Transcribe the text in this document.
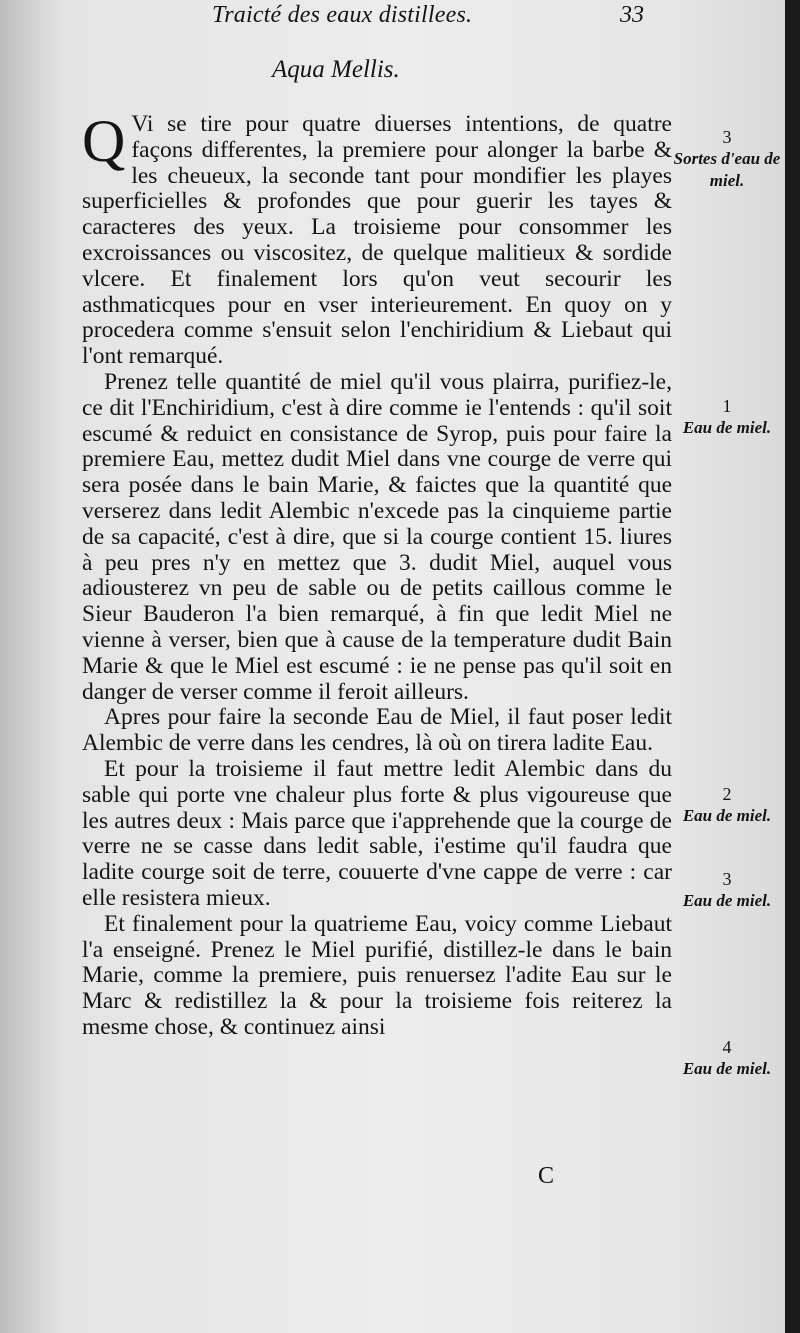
Traicté des eaux distillees.	33
Aqua Mellis.

Q Vi se tire pour quatre diuerses intentions, de quatre façons differentes, la premiere pour alonger la barbe & les cheueux, la seconde tant pour mondifier les playes superficielles & profondes que pour guerir les tayes & caracteres des yeux. La troisieme pour consommer les excroissances ou viscositez, de quelque malitieux & sordide vlcere. Et finalement lors qu'on veut secourir les asthmaticques pour en vser interieurement. En quoy on y procedera comme s'ensuit selon l'enchiridium & Liebaut qui l'ont remarqué.

Prenez telle quantité de miel qu'il vous plairra, purifiez-le, ce dit l'Enchiridium, c'est à dire comme ie l'entends : qu'il soit escumé & reduict en consistance de Syrop, puis pour faire la premiere Eau, mettez dudit Miel dans vne courge de verre qui sera posée dans le bain Marie, & faictes que la quantité que verserez dans ledit Alembic n'excede pas la cinquieme partie de sa capacité, c'est à dire, que si la courge contient 15. liures à peu pres n'y en mettez que 3. dudit Miel, auquel vous adiousterez vn peu de sable ou de petits caillous comme le Sieur Bauderon l'a bien remarqué, à fin que ledit Miel ne vienne à verser, bien que à cause de la temperature dudit Bain Marie & que le Miel est escumé : ie ne pense pas qu'il soit en danger de verser comme il feroit ailleurs.

Apres pour faire la seconde Eau de Miel, il faut poser ledit Alembic de verre dans les cendres, là où on tirera ladite Eau.

Et pour la troisieme il faut mettre ledit Alembic dans du sable qui porte vne chaleur plus forte & plus vigoureuse que les autres deux : Mais parce que i'apprehende que la courge de verre ne se casse dans ledit sable, i'estime qu'il faudra que ladite courge soit de terre, couuerte d'vne cappe de verre : car elle resistera mieux.

Et finalement pour la quatrieme Eau, voicy comme Liebaut l'a enseigné. Prenez le Miel purifié, distillez-le dans le bain Marie, comme la premiere, puis renuersez l'adite Eau sur le Marc & redistillez la & pour la troisieme fois reiterez la mesme chose, & continuez ainsi

3
Sortes d'eau de miel.
1
Eau de miel.
2
Eau de miel.
3
Eau de miel.
4
Eau de miel.
C
